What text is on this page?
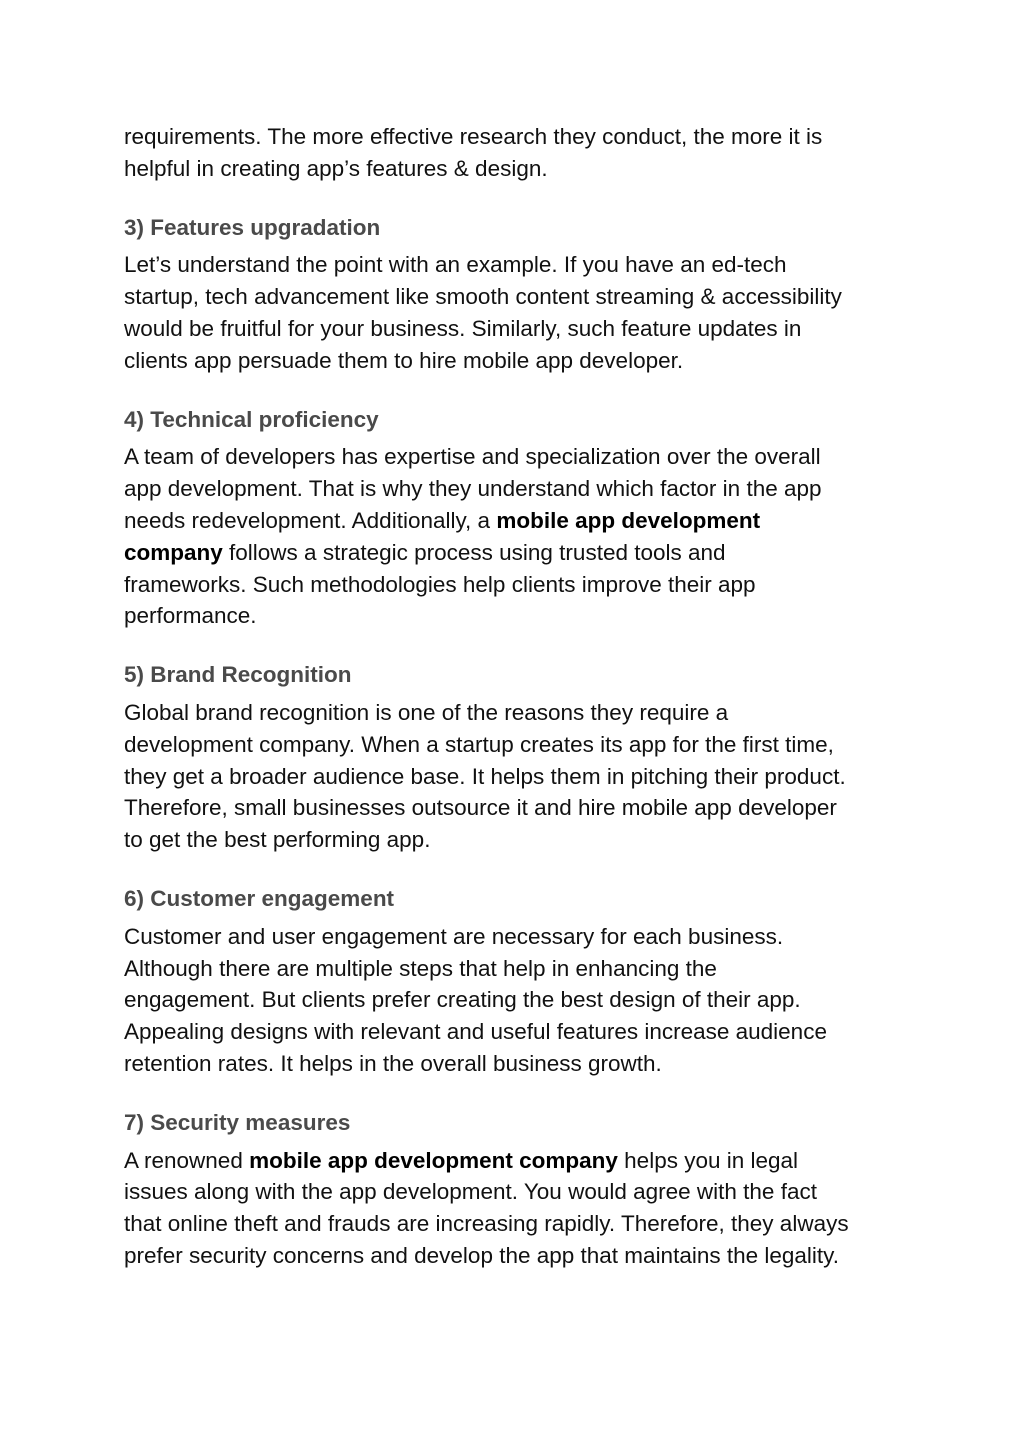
requirements. The more effective research they conduct, the more it is
helpful in creating app’s features & design.

3) Features upgradation

Let’s understand the point with an example. If you have an ed-tech
startup, tech advancement like smooth content streaming & accessibility
would be fruitful for your business. Similarly, such feature updates in
clients app persuade them to hire mobile app developer.

4) Technical proficiency

A team of developers has expertise and specialization over the overall
app development. That is why they understand which factor in the app
needs redevelopment. Additionally, a mobile app development
company follows a strategic process using trusted tools and
frameworks. Such methodologies help clients improve their app
performance.

5) Brand Recognition

Global brand recognition is one of the reasons they require a
development company. When a startup creates its app for the first time,
they get a broader audience base. It helps them in pitching their product.
Therefore, small businesses outsource it and hire mobile app developer
to get the best performing app.

6) Customer engagement

Customer and user engagement are necessary for each business.
Although there are multiple steps that help in enhancing the
engagement. But clients prefer creating the best design of their app.
Appealing designs with relevant and useful features increase audience
retention rates. It helps in the overall business growth.

7) Security measures

A renowned mobile app development company helps you in legal
issues along with the app development. You would agree with the fact
that online theft and frauds are increasing rapidly. Therefore, they always
prefer security concerns and develop the app that maintains the legality.
